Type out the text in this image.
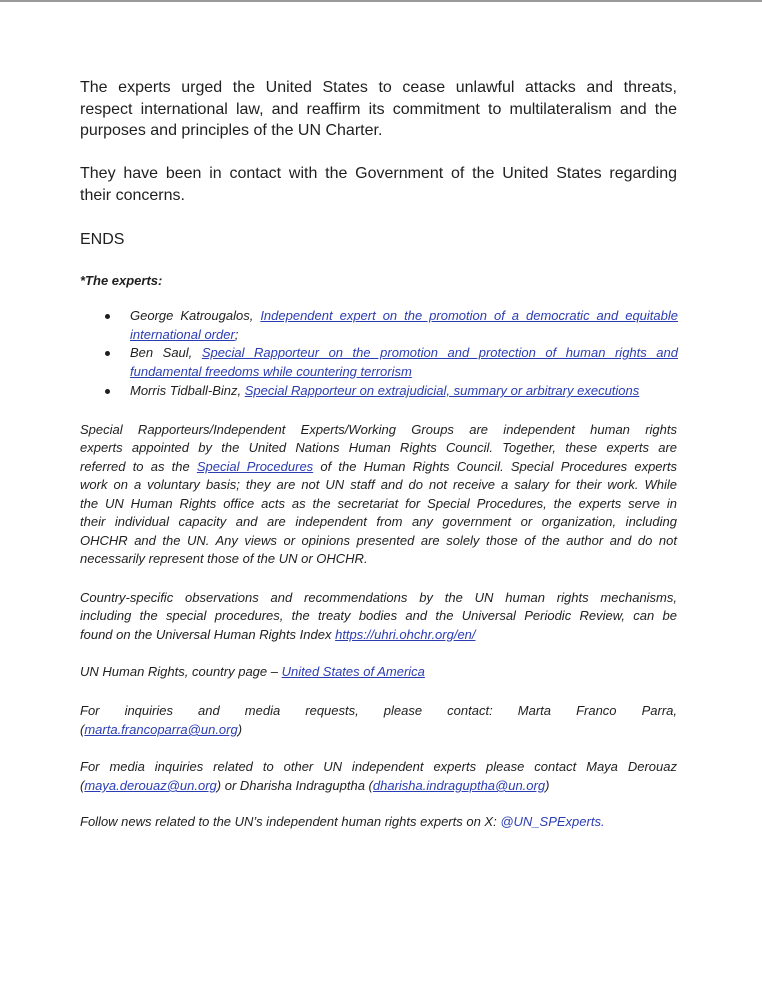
The experts urged the United States to cease unlawful attacks and threats,
respect international law, and reaffirm its commitment to multilateralism and the
purposes and principles of the UN Charter.
They have been in contact with the Government of the United States regarding
their concerns.
ENDS
*The experts:
George Katrougalos, Independent expert on the promotion of a democratic and equitable
international order;
Ben Saul, Special Rapporteur on the promotion and protection of human rights and
fundamental freedoms while countering terrorism
Morris Tidball-Binz, Special Rapporteur on extrajudicial, summary or arbitrary executions
Special Rapporteurs/Independent Experts/Working Groups are independent human rights
experts appointed by the United Nations Human Rights Council. Together, these experts are
referred to as the Special Procedures of the Human Rights Council. Special Procedures experts
work on a voluntary basis; they are not UN staff and do not receive a salary for their work. While
the UN Human Rights office acts as the secretariat for Special Procedures, the experts serve in
their individual capacity and are independent from any government or organization, including
OHCHR and the UN. Any views or opinions presented are solely those of the author and do not
necessarily represent those of the UN or OHCHR.
Country-specific observations and recommendations by the UN human rights mechanisms,
including the special procedures, the treaty bodies and the Universal Periodic Review, can be
found on the Universal Human Rights Index https://uhri.ohchr.org/en/
UN Human Rights, country page – United States of America
For inquiries and media requests, please contact: Marta Franco Parra,
(marta.francoparra@un.org)
For media inquiries related to other UN independent experts please contact Maya Derouaz
(maya.derouaz@un.org) or Dharisha Indraguptha (dharisha.indraguptha@un.org)
Follow news related to the UN’s independent human rights experts on X: @UN_SPExperts.
